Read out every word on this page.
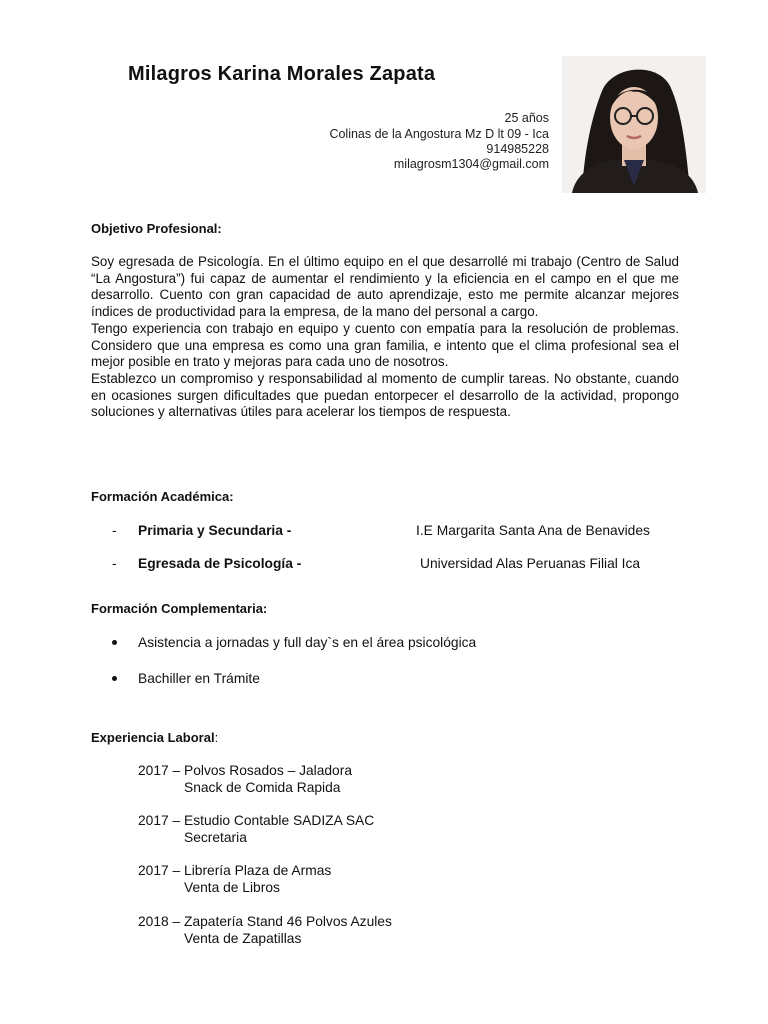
Milagros Karina Morales Zapata
25 años
Colinas de la Angostura Mz D lt 09 - Ica
914985228
milagrosm1304@gmail.com
Objetivo Profesional:

Soy egresada de Psicología. En el último equipo en el que desarrollé mi trabajo (Centro de Salud “La Angostura”) fui capaz de aumentar el rendimiento y la eficiencia en el campo en el que me desarrollo. Cuento con gran capacidad de auto aprendizaje, esto me permite alcanzar mejores índices de productividad para la empresa, de la mano del personal a cargo.

Tengo experiencia con trabajo en equipo y cuento con empatía para la resolución de problemas. Considero que una empresa es como una gran familia, e intento que el clima profesional sea el mejor posible en trato y mejoras para cada uno de nosotros.

Establezco un compromiso y responsabilidad al momento de cumplir tareas. No obstante, cuando en ocasiones surgen dificultades que puedan entorpecer el desarrollo de la actividad, propongo soluciones y alternativas útiles para acelerar los tiempos de respuesta.

Formación Académica:
- Primaria y Secundaria -	I.E Margarita Santa Ana de Benavides
- Egresada de Psicología -	Universidad Alas Peruanas Filial Ica
Formación Complementaria:
Asistencia a jornadas y full day`s en el área psicológica
Bachiller en Trámite
Experiencia Laboral:
2017 – Polvos Rosados – Jaladora
Snack de Comida Rapida
2017 – Estudio Contable SADIZA SAC
Secretaria
2017 – Librería Plaza de Armas
Venta de Libros
2018 – Zapatería Stand 46 Polvos Azules
Venta de Zapatillas
